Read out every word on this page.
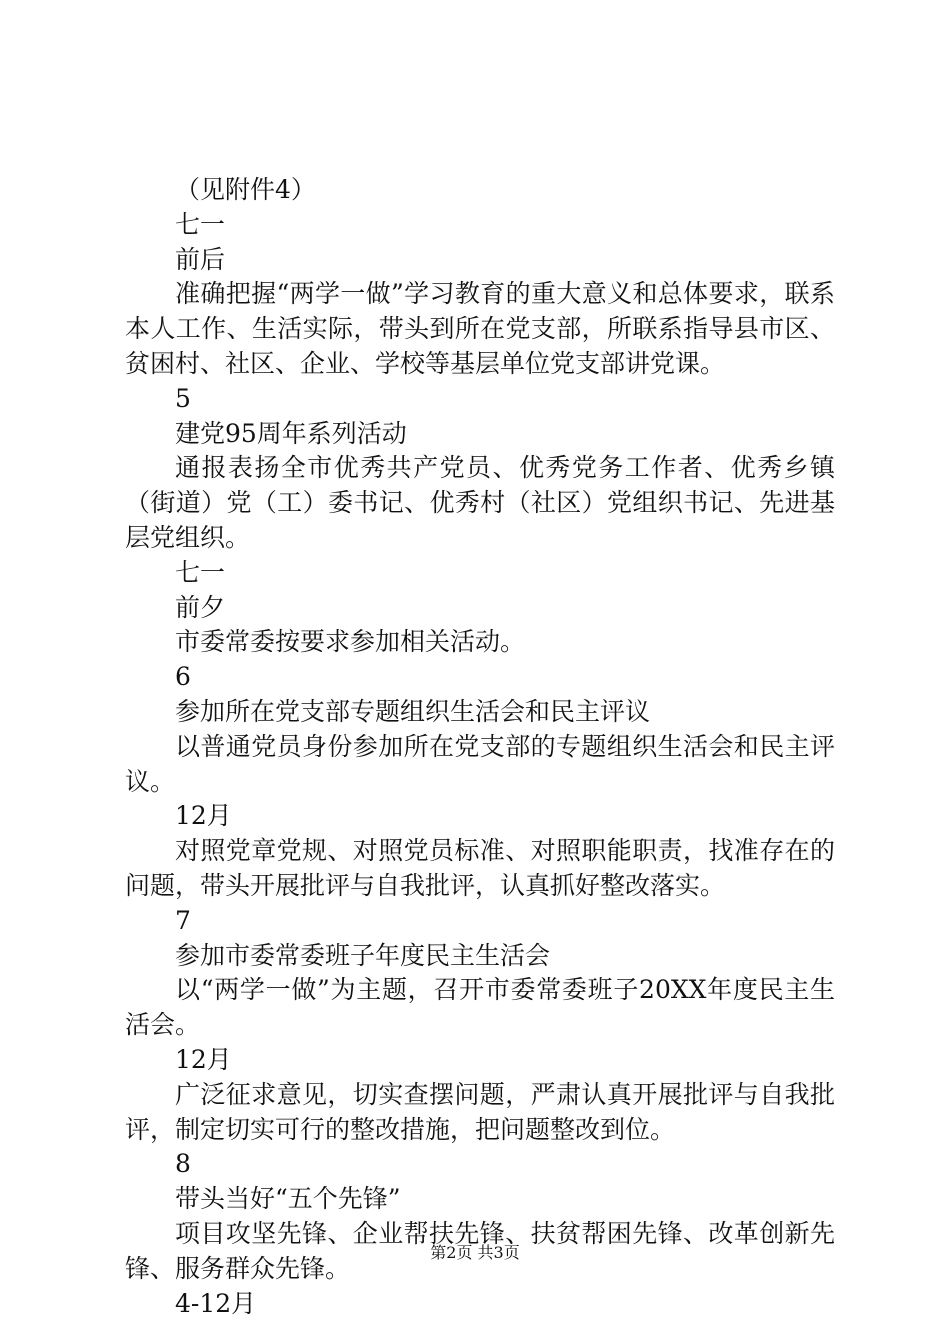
（见附件4）

七一

前后

准确把握“两学一做”学习教育的重大意义和总体要求，联系本人工作、生活实际，带头到所在党支部，所联系指导县市区、贫困村、社区、企业、学校等基层单位党支部讲党课。

5

建党95周年系列活动

通报表扬全市优秀共产党员、优秀党务工作者、优秀乡镇（街道）党（工）委书记、优秀村（社区）党组织书记、先进基层党组织。

七一

前夕

市委常委按要求参加相关活动。

6

参加所在党支部专题组织生活会和民主评议

以普通党员身份参加所在党支部的专题组织生活会和民主评议。

12月

对照党章党规、对照党员标准、对照职能职责，找准存在的问题，带头开展批评与自我批评，认真抓好整改落实。

7

参加市委常委班子年度民主生活会

以“两学一做”为主题，召开市委常委班子20XX年度民主生活会。

12月

广泛征求意见，切实查摆问题，严肃认真开展批评与自我批评，制定切实可行的整改措施，把问题整改到位。

8

带头当好“五个先锋”

项目攻坚先锋、企业帮扶先锋、扶贫帮困先锋、改革创新先锋、服务群众先锋。

4-12月

第2页 共3页
